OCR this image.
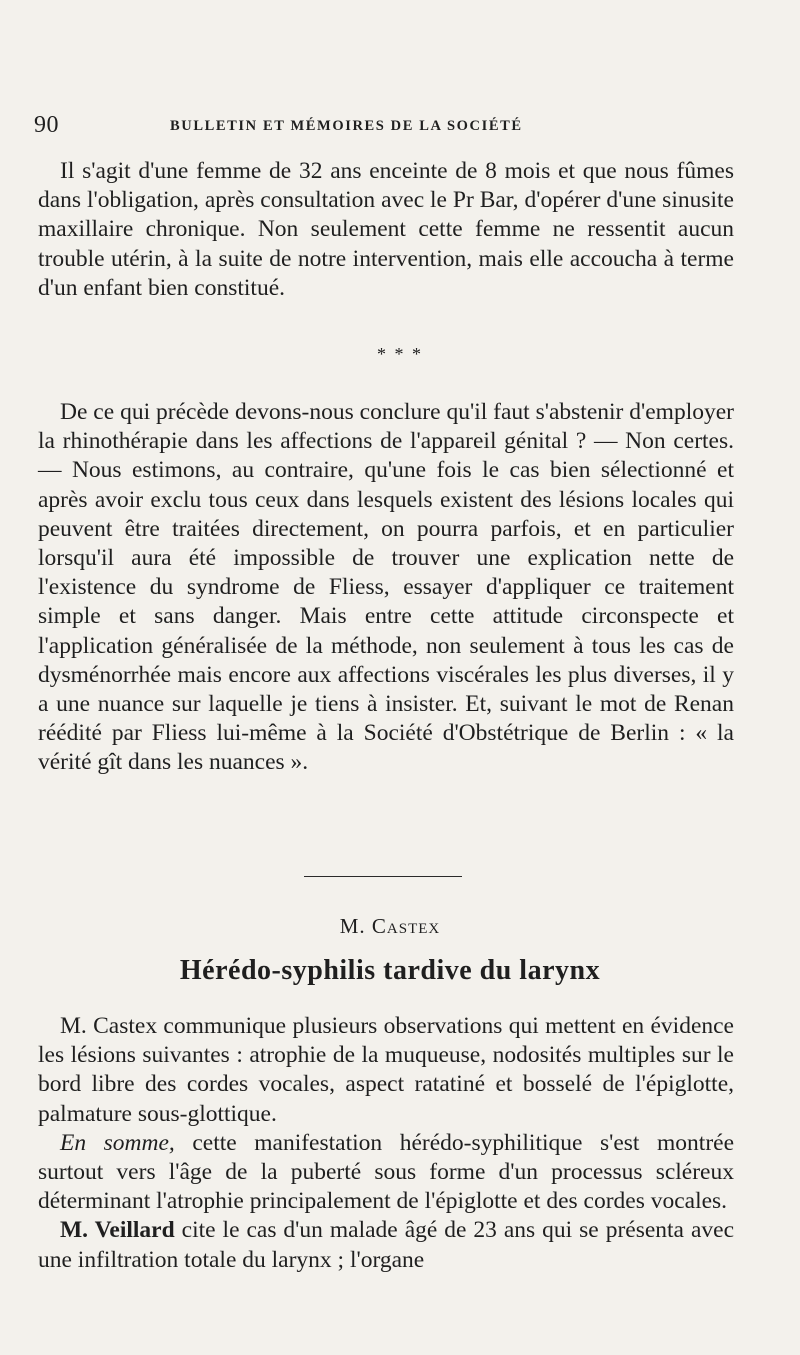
90	BULLETIN ET MÉMOIRES DE LA SOCIÉTÉ

Il s'agit d'une femme de 32 ans enceinte de 8 mois et que nous fûmes dans l'obligation, après consultation avec le Pr Bar, d'opérer d'une sinusite maxillaire chronique. Non seulement cette femme ne ressentit aucun trouble utérin, à la suite de notre intervention, mais elle accoucha à terme d'un enfant bien constitué.

* * *

De ce qui précède devons-nous conclure qu'il faut s'abstenir d'employer la rhinothérapie dans les affections de l'appareil génital ? — Non certes. — Nous estimons, au contraire, qu'une fois le cas bien sélectionné et après avoir exclu tous ceux dans lesquels existent des lésions locales qui peuvent être traitées directement, on pourra parfois, et en particulier lorsqu'il aura été impossible de trouver une explication nette de l'existence du syndrome de Fliess, essayer d'appliquer ce traitement simple et sans danger. Mais entre cette attitude circonspecte et l'application généralisée de la méthode, non seulement à tous les cas de dysménorrhée mais encore aux affections viscérales les plus diverses, il y a une nuance sur laquelle je tiens à insister. Et, suivant le mot de Renan réédité par Fliess lui-même à la Société d'Obstétrique de Berlin : « la vérité gît dans les nuances ».

M. Castex
Hérédo-syphilis tardive du larynx

M. Castex communique plusieurs observations qui mettent en évidence les lésions suivantes : atrophie de la muqueuse, nodosités multiples sur le bord libre des cordes vocales, aspect ratatiné et bosselé de l'épiglotte, palmature sous-glottique.

En somme, cette manifestation hérédo-syphilitique s'est montrée surtout vers l'âge de la puberté sous forme d'un processus scléreux déterminant l'atrophie principalement de l'épiglotte et des cordes vocales.

M. Veillard cite le cas d'un malade âgé de 23 ans qui se présenta avec une infiltration totale du larynx ; l'organe
